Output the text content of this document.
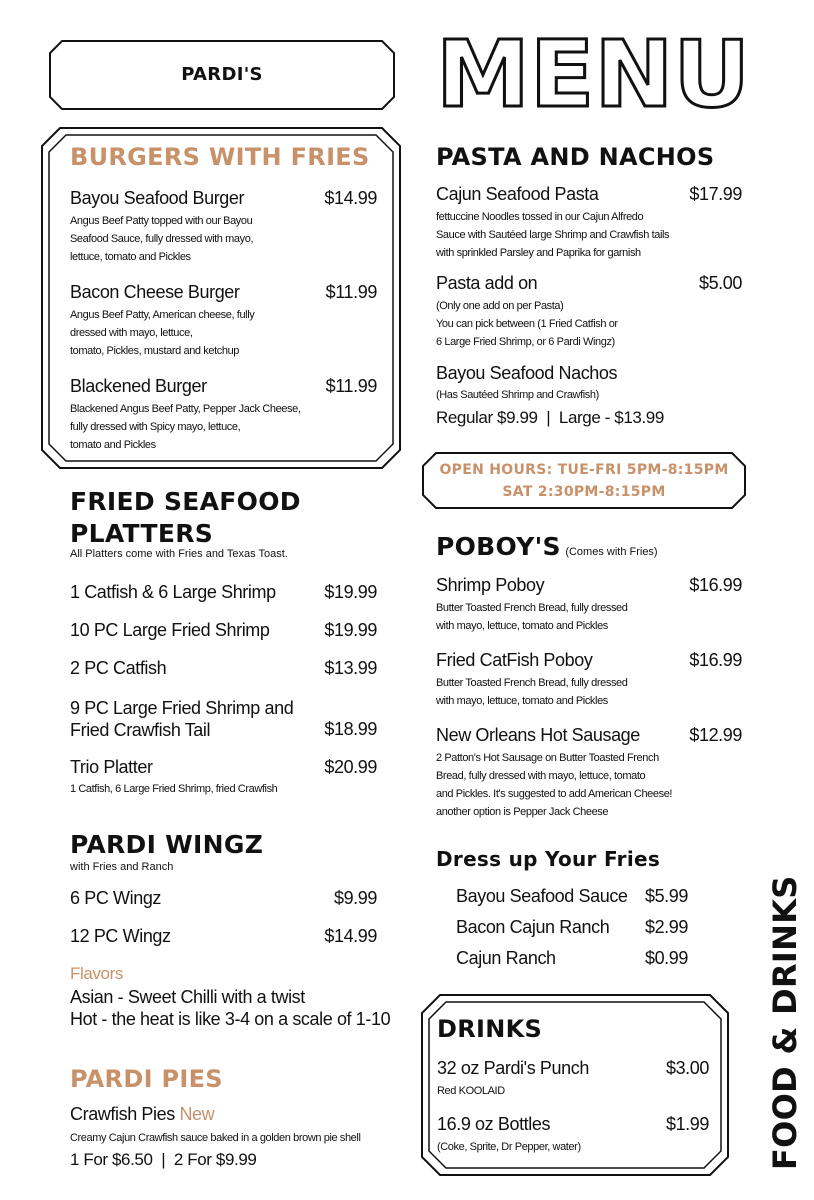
PARDI'S	MENU
BURGERS WITH FRIES
Bayou Seafood Burger	$14.99
Angus Beef Patty topped with our Bayou
Seafood Sauce, fully dressed with mayo,
lettuce, tomato and Pickles
Bacon Cheese Burger	$11.99
Angus Beef Patty, American cheese, fully
dressed with mayo, lettuce,
tomato, Pickles, mustard and ketchup
Blackened Burger	$11.99
Blackened Angus Beef Patty, Pepper Jack Cheese,
fully dressed with Spicy mayo, lettuce,
tomato and Pickles
FRIED SEAFOOD
PLATTERS
All Platters come with Fries and Texas Toast.
1 Catfish & 6 Large Shrimp	$19.99
10 PC Large Fried Shrimp	$19.99
2 PC Catfish	$13.99
9 PC Large Fried Shrimp and
Fried Crawfish Tail	$18.99
Trio Platter	$20.99
1 Catfish, 6 Large Fried Shrimp, fried Crawfish
PARDI WINGZ
with Fries and Ranch
6 PC Wingz	$9.99
12 PC Wingz	$14.99
Flavors
Asian - Sweet Chilli with a twist
Hot - the heat is like 3-4 on a scale of 1-10
PARDI PIES
Crawfish Pies New
Creamy Cajun Crawfish sauce baked in a golden brown pie shell
1 For $6.50 | 2 For $9.99
PASTA AND NACHOS
Cajun Seafood Pasta	$17.99
fettuccine Noodles tossed in our Cajun Alfredo
Sauce with Sautéed large Shrimp and Crawfish tails
with sprinkled Parsley and Paprika for garnish
Pasta add on	$5.00
(Only one add on per Pasta)
You can pick between (1 Fried Catfish or
6 Large Fried Shrimp, or 6 Pardi Wingz)
Bayou Seafood Nachos
(Has Sautéed Shrimp and Crawfish)
Regular $9.99  |  Large - $13.99
OPEN HOURS: TUE-FRI 5PM-8:15PM
SAT 2:30PM-8:15PM
POBOY'S (Comes with Fries)
Shrimp Poboy	$16.99
Butter Toasted French Bread, fully dressed
with mayo, lettuce, tomato and Pickles
Fried CatFish Poboy	$16.99
Butter Toasted French Bread, fully dressed
with mayo, lettuce, tomato and Pickles
New Orleans Hot Sausage	$12.99
2 Patton's Hot Sausage on Butter Toasted French
Bread, fully dressed with mayo, lettuce, tomato
and Pickles. It's suggested to add American Cheese!
another option is Pepper Jack Cheese
Dress up Your Fries
Bayou Seafood Sauce $5.99
Bacon Cajun Ranch	$2.99
Cajun Ranch	$0.99
DRINKS
32 oz Pardi's Punch	$3.00
Red KOOLAID
16.9 oz Bottles	$1.99
(Coke, Sprite, Dr Pepper, water)	FOOD & DRINKS
